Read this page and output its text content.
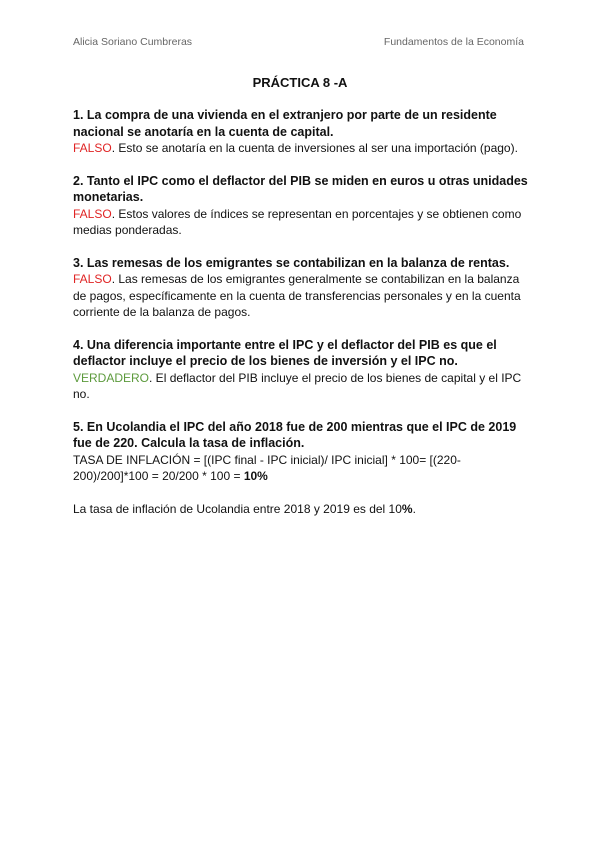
Alicia Soriano Cumbreras	Fundamentos de la Economía
PRÁCTICA 8 -A

1. La compra de una vivienda en el extranjero por parte de un residente nacional se anotaría en la cuenta de capital.

FALSO. Esto se anotaría en la cuenta de inversiones al ser una importación (pago).

2. Tanto el IPC como el deflactor del PIB se miden en euros u otras unidades monetarias.

FALSO. Estos valores de índices se representan en porcentajes y se obtienen como medias ponderadas.

3. Las remesas de los emigrantes se contabilizan en la balanza de rentas.

FALSO. Las remesas de los emigrantes generalmente se contabilizan en la balanza de pagos, específicamente en la cuenta de transferencias personales y en la cuenta corriente de la balanza de pagos.

4. Una diferencia importante entre el IPC y el deflactor del PIB es que el deflactor incluye el precio de los bienes de inversión y el IPC no.

VERDADERO. El deflactor del PIB incluye el precio de los bienes de capital y el IPC no.

5. En Ucolandia el IPC del año 2018 fue de 200 mientras que el IPC de 2019 fue de 220. Calcula la tasa de inflación.

TASA DE INFLACIÓN = [(IPC final - IPC inicial)/ IPC inicial] * 100= [(220-200)/200]*100 = 20/200 * 100 = 10%

La tasa de inflación de Ucolandia entre 2018 y 2019 es del 10%.
